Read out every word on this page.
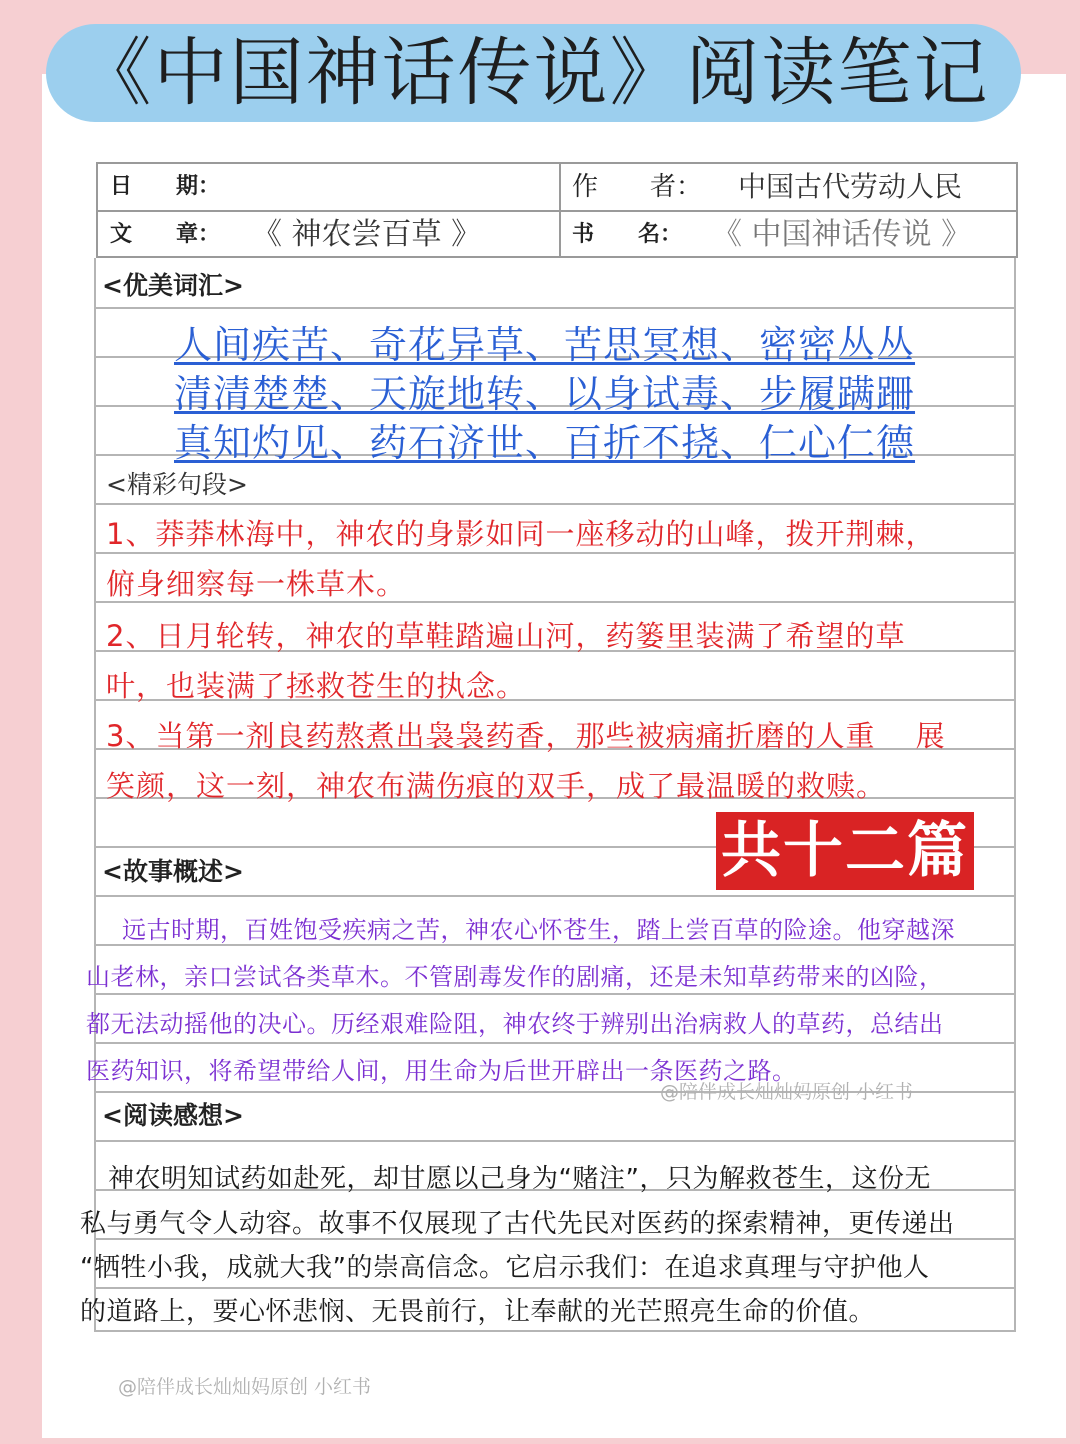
《中国神话传说》阅读笔记
日　　期：	作　　者： 中国古代劳动人民
文　　章： 《 神农尝百草 》	书　　名： 《 中国神话传说 》
<优美词汇>
人间疾苦、奇花异草、苦思冥想、密密丛丛
清清楚楚、天旋地转、以身试毒、步履蹒跚
真知灼见、药石济世、百折不挠、仁心仁德
<精彩句段>
1、莽莽林海中，神农的身影如同一座移动的山峰，拨开荆棘，
俯身细察每一株草木。
2、日月轮转，神农的草鞋踏遍山河，药篓里装满了希望的草
叶，也装满了拯救苍生的执念。
3、当第一剂良药熬煮出袅袅药香，那些被病痛折磨的人重　 展
笑颜，这一刻，神农布满伤痕的双手，成了最温暖的救赎。
共十二篇
<故事概述>
远古时期，百姓饱受疾病之苦，神农心怀苍生，踏上尝百草的险途。他穿越深
山老林，亲口尝试各类草木。不管剧毒发作的剧痛，还是未知草药带来的凶险，
都无法动摇他的决心。历经艰难险阻，神农终于辨别出治病救人的草药，总结出
医药知识，将希望带给人间，用生命为后世开辟出一条医药之路。
@陪伴成长灿灿妈原创 小红书
<阅读感想>
神农明知试药如赴死，却甘愿以己身为“赌注”，只为解救苍生，这份无
私与勇气令人动容。故事不仅展现了古代先民对医药的探索精神，更传递出
“牺牲小我，成就大我”的崇高信念。它启示我们：在追求真理与守护他人
的道路上，要心怀悲悯、无畏前行，让奉献的光芒照亮生命的价值。
@陪伴成长灿灿妈原创 小红书
